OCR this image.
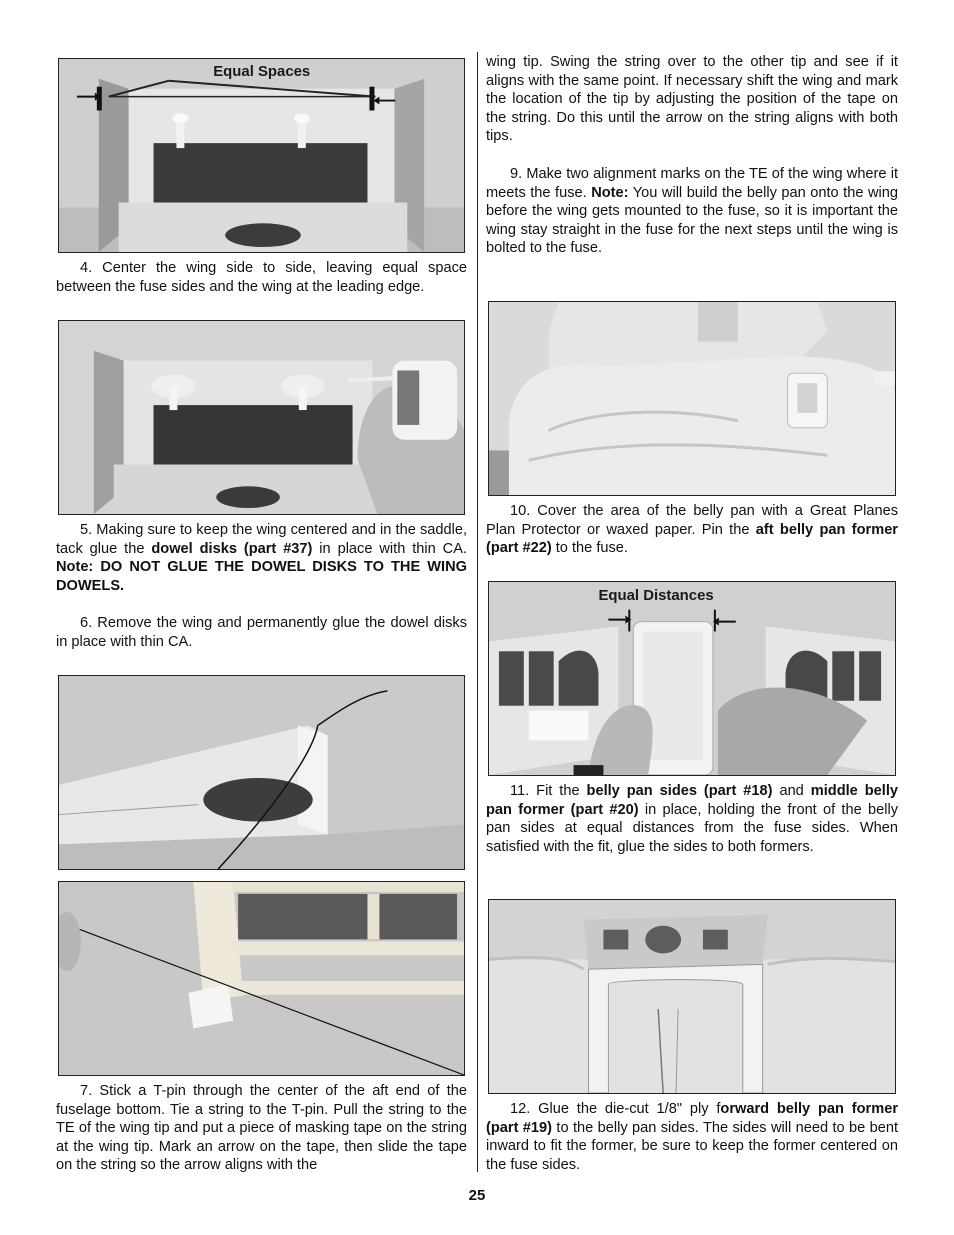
Equal Spaces
4. Center the wing side to side, leaving equal space between the fuse sides and the wing at the leading edge.
5. Making sure to keep the wing centered and in the saddle, tack glue the dowel disks (part #37) in place with thin CA. Note: DO NOT GLUE THE DOWEL DISKS TO THE WING DOWELS.
6. Remove the wing and permanently glue the dowel disks in place with thin CA.
7. Stick a T-pin through the center of the aft end of the fuselage bottom. Tie a string to the T-pin. Pull the string to the TE of the wing tip and put a piece of masking tape on the string at the wing tip. Mark an arrow on the tape, then slide the tape on the string so the arrow aligns with the
wing tip. Swing the string over to the other tip and see if it aligns with the same point. If necessary shift the wing and mark the location of the tip by adjusting the position of the tape on the string. Do this until the arrow on the string aligns with both tips.
9. Make two alignment marks on the TE of the wing where it meets the fuse. Note: You will build the belly pan onto the wing before the wing gets mounted to the fuse, so it is important the wing stay straight in the fuse for the next steps until the wing is bolted to the fuse.
10. Cover the area of the belly pan with a Great Planes Plan Protector or waxed paper. Pin the aft belly pan former (part #22) to the fuse.
Equal Distances
11. Fit the belly pan sides (part #18) and middle belly pan former (part #20) in place, holding the front of the belly pan sides at equal distances from the fuse sides. When satisfied with the fit, glue the sides to both formers.
12. Glue the die-cut 1/8" ply forward belly pan former (part #19) to the belly pan sides. The sides will need to be bent inward to fit the former, be sure to keep the former centered on the fuse sides.
25
